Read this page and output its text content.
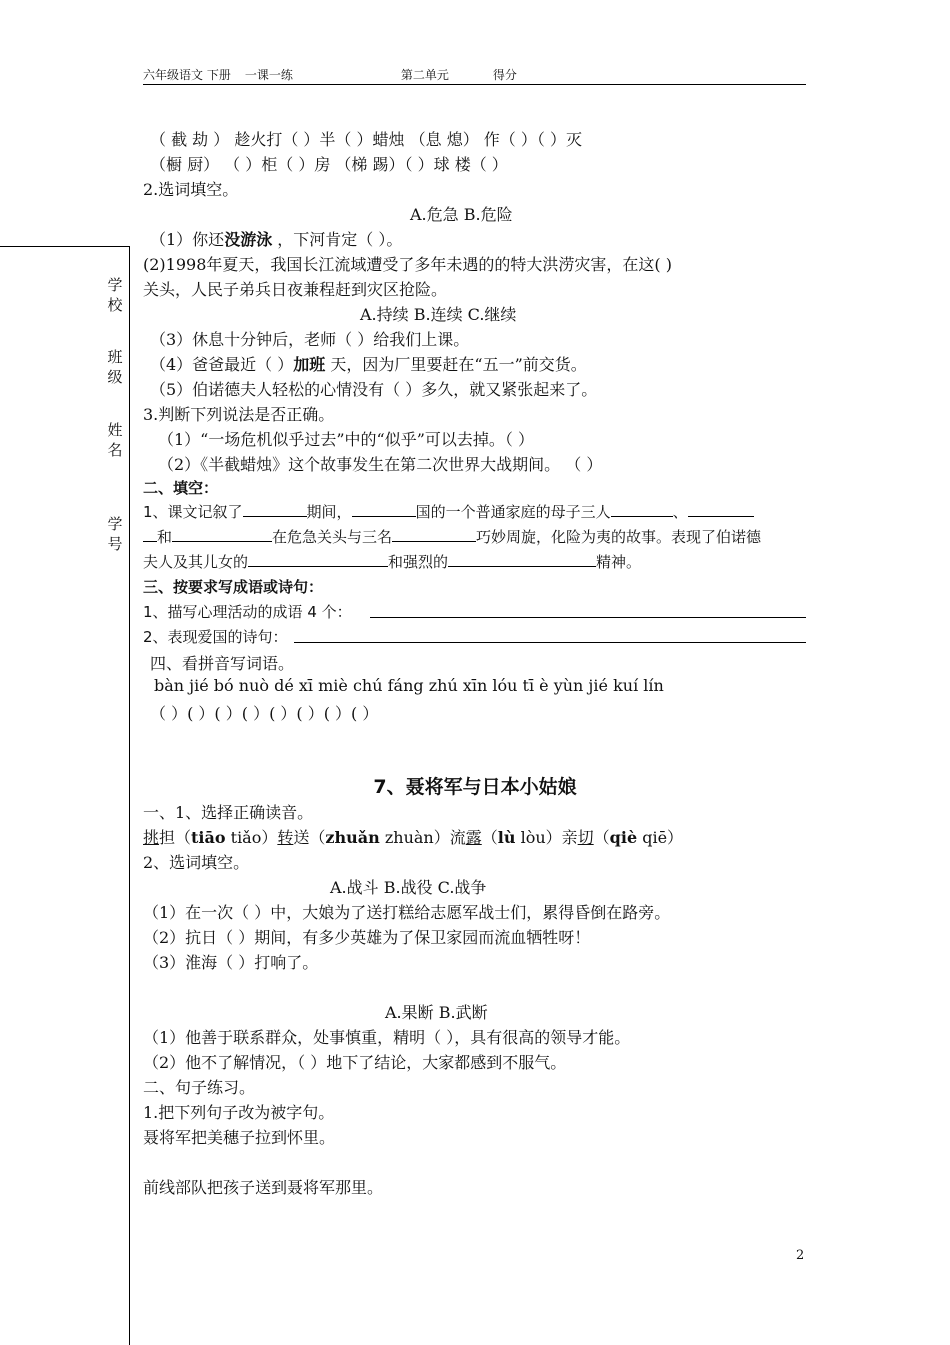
六年级语文 下册 一课一练	第二单元	得分
学
校
班
级
姓
名
学
号
（ 截 劫 ） 趁火打（ ）半（ ）蜡烛 （息 熄） 作（ ）（ ）灭
（橱 厨） （ ）柜（ ）房 （梯 踢）（ ）球 楼（ ）
2.选词填空。
A.危急 B.危险
（1）你还没游泳 ，下河肯定（ ）。
(2)1998年夏天，我国长江流域遭受了多年未遇的的特大洪涝灾害，在这( )
关头，人民子弟兵日夜兼程赶到灾区抢险。
A.持续 B.连续 C.继续
（3）休息十分钟后，老师（ ）给我们上课。
（4）爸爸最近（ ）加班 天，因为厂里要赶在“五一”前交货。
（5）伯诺德夫人轻松的心情没有（ ）多久，就又紧张起来了。
3.判断下列说法是否正确。
（1）“一场危机似乎过去”中的“似乎”可以去掉。（ ）
（2）《半截蜡烛》这个故事发生在第二次世界大战期间。 （ ）
二、填空：
1、课文记叙了	期间，	国的一个普通家庭的母子三人	、
和	在危急关头与三名	巧妙周旋，化险为夷的故事。表现了伯诺德
夫人及其儿女的	和强烈的	精神。
三、按要求写成语或诗句：
1、描写心理活动的成语 4 个：
2、表现爱国的诗句：
四、看拼音写词语。
bàn jié bó nuò dé xī miè chú fáng zhú xīn lóu tī è yùn jié kuí lín
（ ）( ）( ）( ）( ）( ）( ）( ）
7、聂将军与日本小姑娘
一、1、选择正确读音。
挑担（tiāo tiǎo）转送（zhuǎn zhuàn）流露（lù lòu）亲切（qiè qiē）
2、选词填空。
A.战斗 B.战役 C.战争
（1）在一次（ ）中，大娘为了送打糕给志愿军战士们，累得昏倒在路旁。
（2）抗日（ ）期间，有多少英雄为了保卫家园而流血牺牲呀！
（3）淮海（ ）打响了。
A.果断 B.武断
（1）他善于联系群众，处事慎重，精明（ ），具有很高的领导才能。
（2）他不了解情况，（ ）地下了结论，大家都感到不服气。
二、句子练习。
1.把下列句子改为被字句。
聂将军把美穗子拉到怀里。
前线部队把孩子送到聂将军那里。
2
